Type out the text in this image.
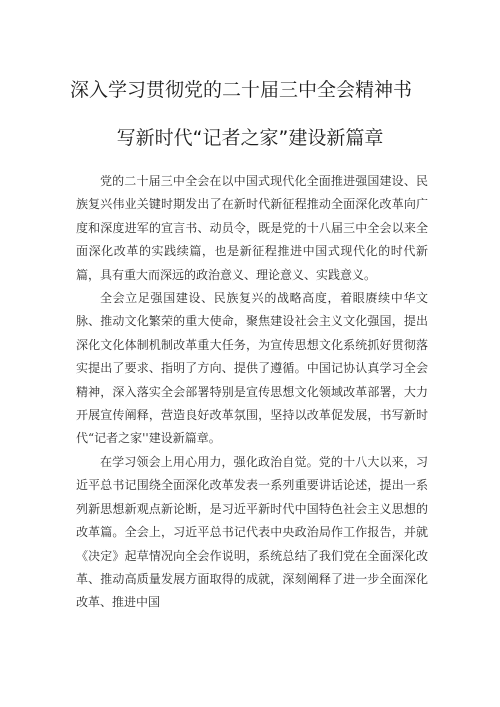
深入学习贯彻党的二十届三中全会精神书
写新时代“记者之家”建设新篇章

党的二十届三中全会在以中国式现代化全面推进强国建设、民族复兴伟业关键时期发出了在新时代新征程推动全面深化改革向广度和深度进军的宣言书、动员令，既是党的十八届三中全会以来全面深化改革的实践续篇，也是新征程推进中国式现代化的时代新篇，具有重大而深远的政治意义、理论意义、实践意义。

全会立足强国建设、民族复兴的战略高度，着眼赓续中华文脉、推动文化繁荣的重大使命，聚焦建设社会主义文化强国，提出深化文化体制机制改革重大任务，为宣传思想文化系统抓好贯彻落实提出了要求、指明了方向、提供了遵循。中国记协认真学习全会精神，深入落实全会部署特别是宣传思想文化领域改革部署，大力开展宣传阐释，营造良好改革氛围，坚持以改革促发展，书写新时代“记者之家''建设新篇章。

在学习领会上用心用力，强化政治自觉。党的十八大以来，习近平总书记围绕全面深化改革发表一系列重要讲话论述，提出一系列新思想新观点新论断，是习近平新时代中国特色社会主义思想的改革篇。全会上，习近平总书记代表中央政治局作工作报告，并就《决定》起草情况向全会作说明，系统总结了我们党在全面深化改革、推动高质量发展方面取得的成就，深刻阐释了进一步全面深化改革、推进中国
